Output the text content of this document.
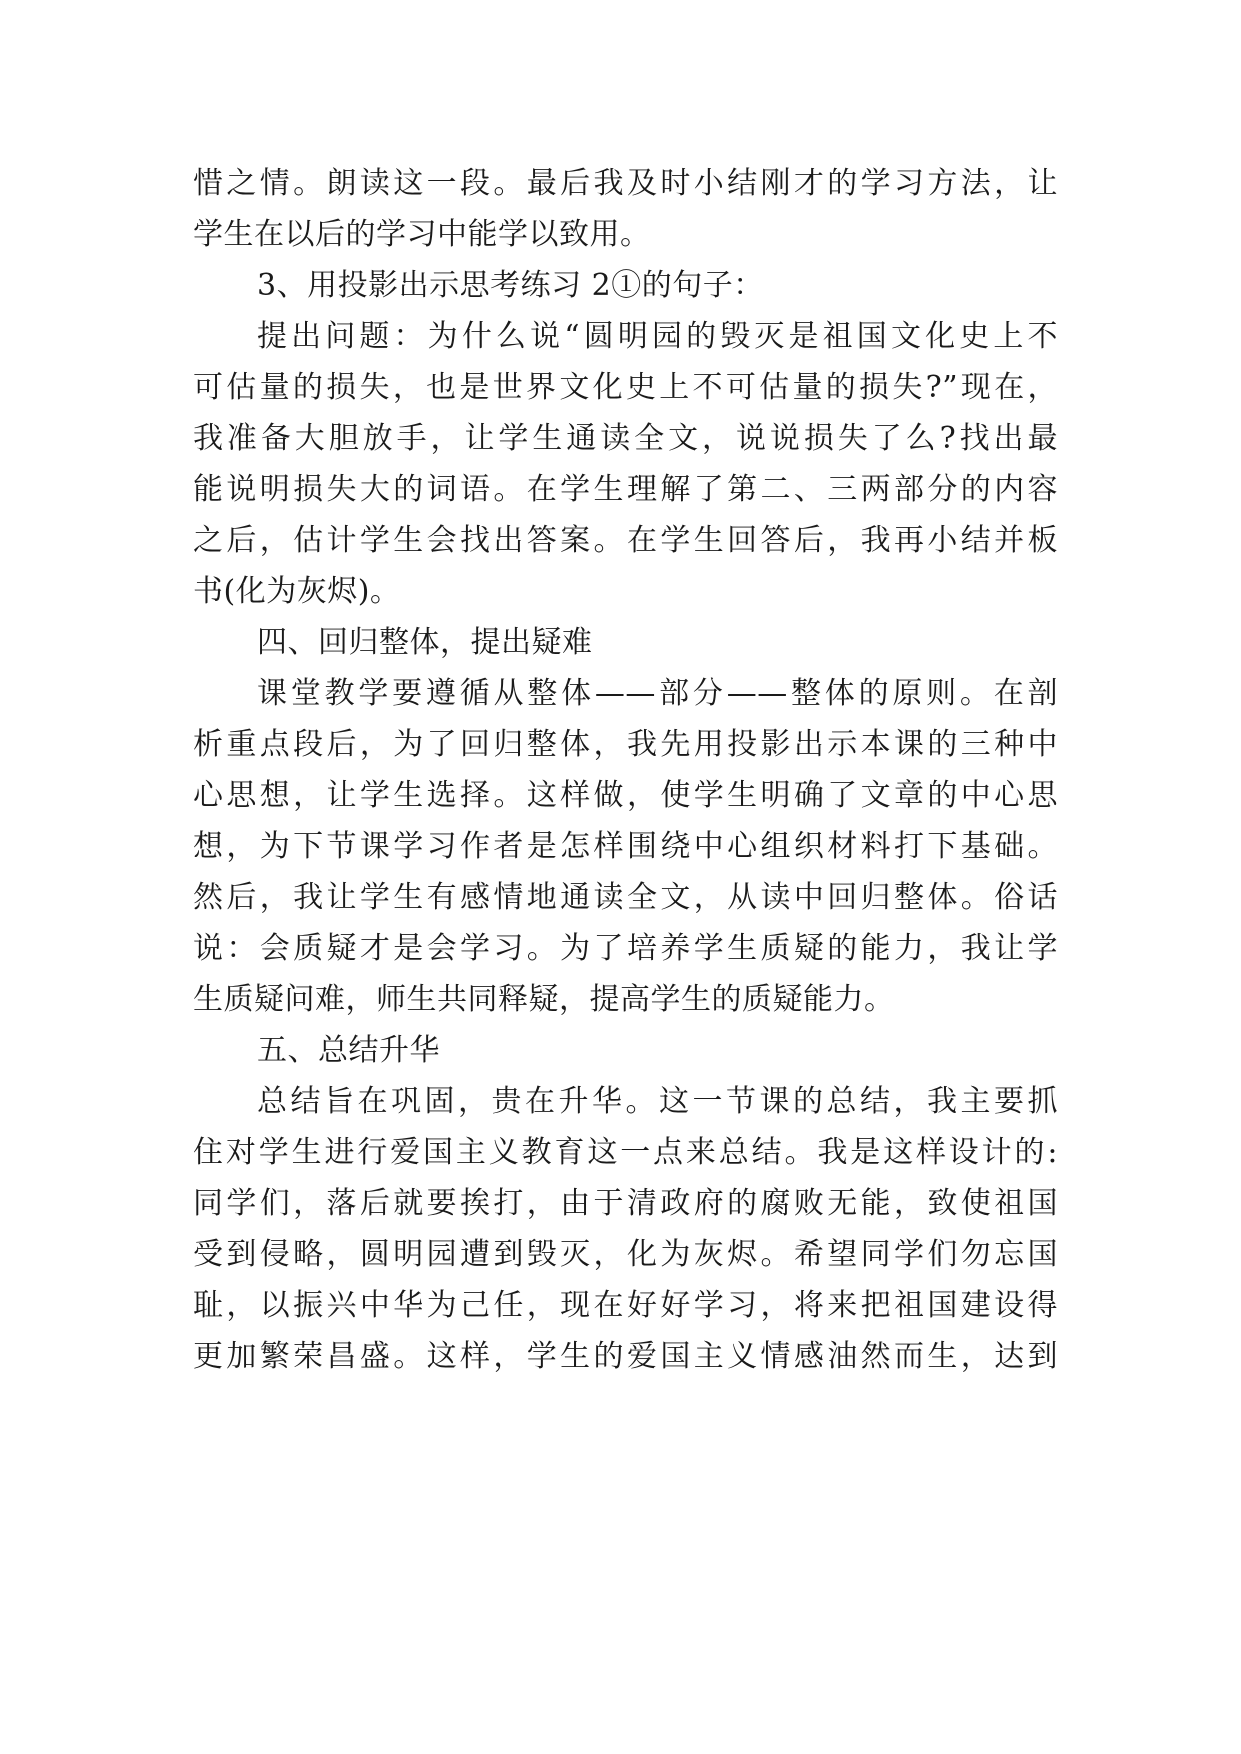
惜之情。朗读这一段。最后我及时小结刚才的学习方法，让
学生在以后的学习中能学以致用。
3、用投影出示思考练习 2①的句子：
提出问题：为什么说“圆明园的毁灭是祖国文化史上不
可估量的损失，也是世界文化史上不可估量的损失?”现在，
我准备大胆放手，让学生通读全文，说说损失了么?找出最
能说明损失大的词语。在学生理解了第二、三两部分的内容
之后，估计学生会找出答案。在学生回答后，我再小结并板
书(化为灰烬)。
四、回归整体，提出疑难
课堂教学要遵循从整体——部分——整体的原则。在剖
析重点段后，为了回归整体，我先用投影出示本课的三种中
心思想，让学生选择。这样做，使学生明确了文章的中心思
想，为下节课学习作者是怎样围绕中心组织材料打下基础。
然后，我让学生有感情地通读全文，从读中回归整体。俗话
说：会质疑才是会学习。为了培养学生质疑的能力，我让学
生质疑问难，师生共同释疑，提高学生的质疑能力。
五、总结升华
总结旨在巩固，贵在升华。这一节课的总结，我主要抓
住对学生进行爱国主义教育这一点来总结。我是这样设计的:
同学们，落后就要挨打，由于清政府的腐败无能，致使祖国
受到侵略，圆明园遭到毁灭，化为灰烬。希望同学们勿忘国
耻，以振兴中华为己任，现在好好学习，将来把祖国建设得
更加繁荣昌盛。这样，学生的爱国主义情感油然而生，达到
